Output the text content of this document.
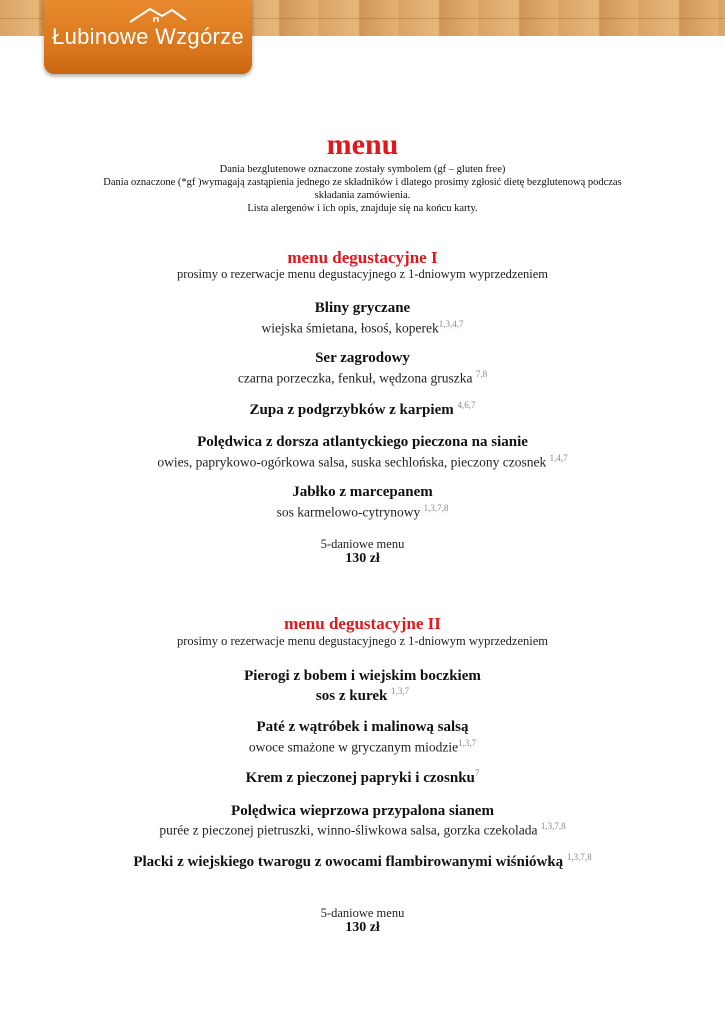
Łubinowe Wzgórze
menu
Dania bezglutenowe oznaczone zostały symbolem (gf – gluten free)
Dania oznaczone (*gf )wymagają zastąpienia jednego ze składników i dlatego prosimy zgłosić dietę bezglutenową podczas
składania zamówienia.
Lista alergenów i ich opis, znajduje się na końcu karty.
menu degustacyjne I
prosimy o rezerwacje menu degustacyjnego z 1-dniowym wyprzedzeniem
Bliny gryczane
wiejska śmietana, łosoś, koperek$^{1,3,4,7}$
Ser zagrodowy
czarna porzeczka, fenkuł, wędzona gruszka $^{7,8}$
Zupa z podgrzybków z karpiem $^{4,6,7}$
Polędwica z dorsza atlantyckiego pieczona na sianie
owies, paprykowo-ogórkowa salsa, suska sechlońska, pieczony czosnek $^{1,4,7}$
Jabłko z marcepanem
sos karmelowo-cytrynowy $^{1,3,7,8}$
5-daniowe menu
130 zł
menu degustacyjne II
prosimy o rezerwacje menu degustacyjnego z 1-dniowym wyprzedzeniem
Pierogi z bobem i wiejskim boczkiem
sos z kurek $^{1,3,7}$
Paté z wątróbek i malinową salsą
owoce smażone w gryczanym miodzie$^{1,3,7}$
Krem z pieczonej papryki i czosnku$^7$
Polędwica wieprzowa przypalona sianem
purée z pieczonej pietruszki, winno-śliwkowa salsa, gorzka czekolada $^{1,3,7,8}$
Placki z wiejskiego twarogu z owocami flambirowanymi wiśniówką $^{1,3,7,8}$
5-daniowe menu
130 zł
